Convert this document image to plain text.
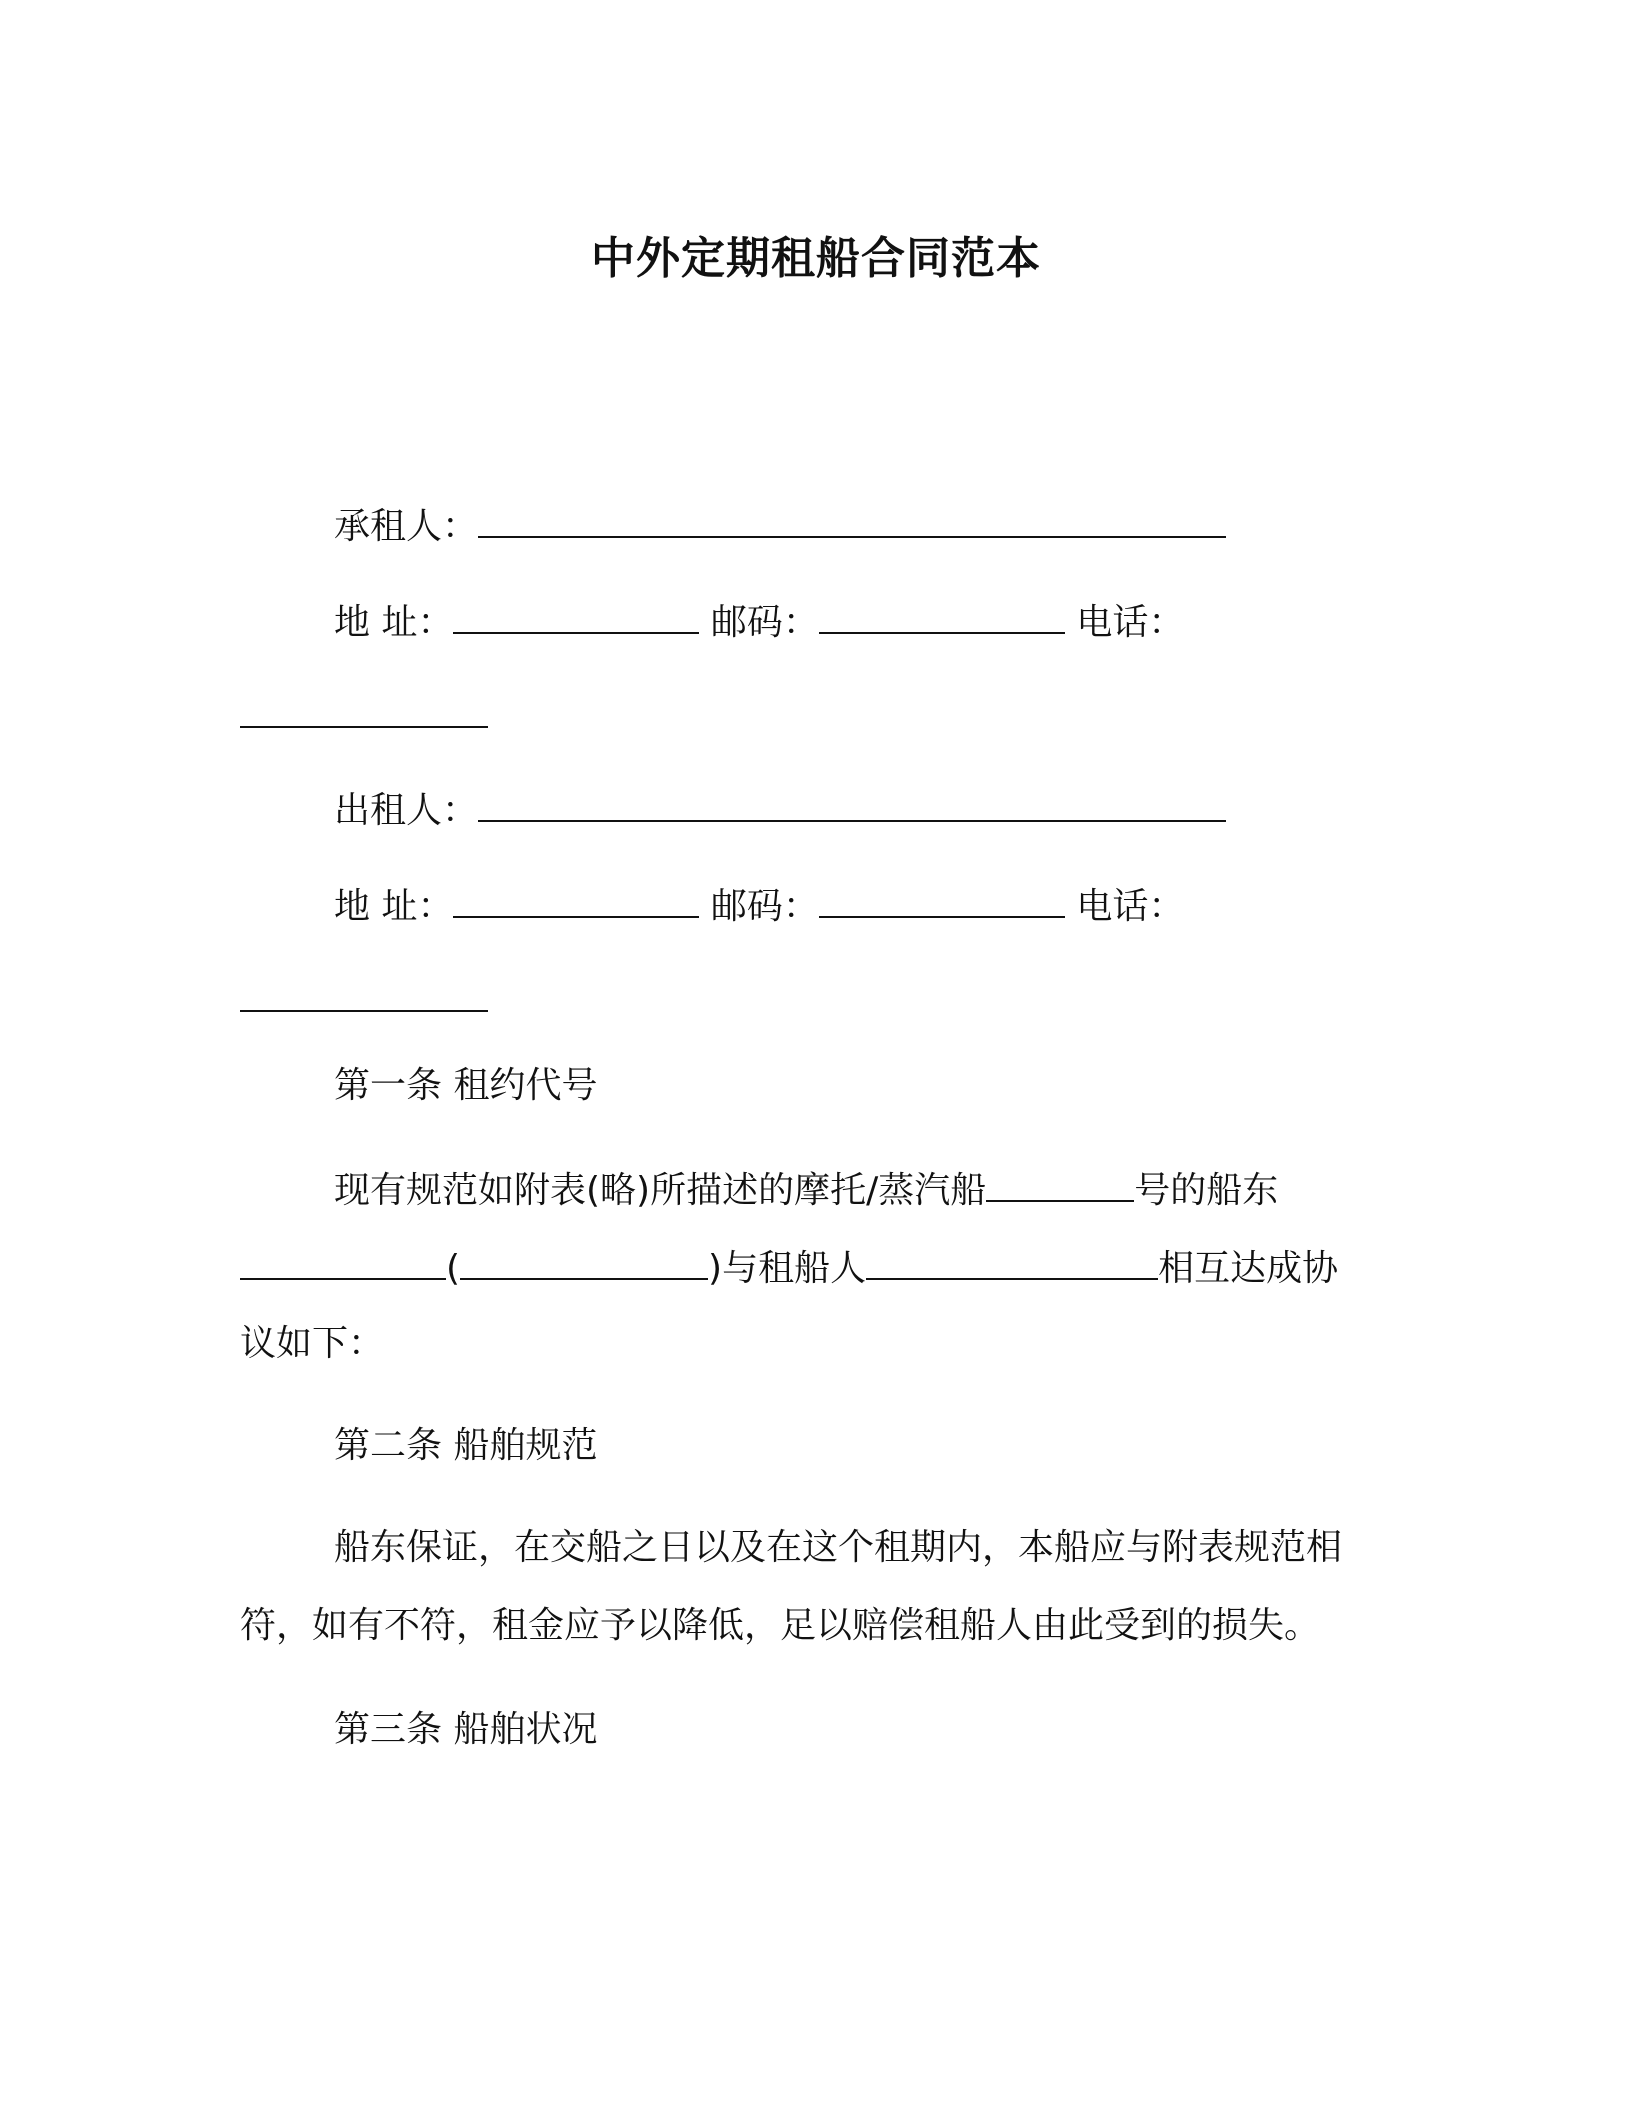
中外定期租船合同范本
承租人：
地 址：	邮码：	电话：
出租人：
地 址：	邮码：	电话：
第一条 租约代号
现有规范如附表(略)所描述的摩托/蒸汽船	号的船东
(	)与租船人	相互达成协
议如下：
第二条 船舶规范
船东保证，在交船之日以及在这个租期内，本船应与附表规范相
符，如有不符，租金应予以降低，足以赔偿租船人由此受到的损失。
第三条 船舶状况
